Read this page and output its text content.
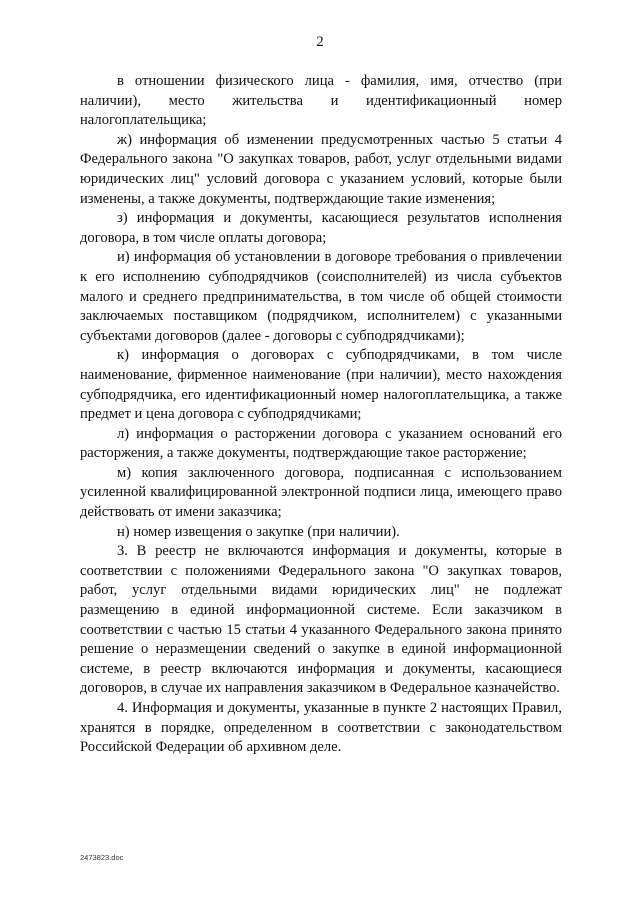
2

в отношении физического лица - фамилия, имя, отчество (при наличии), место жительства и идентификационный номер налогоплательщика;

ж) информация об изменении предусмотренных частью 5 статьи 4 Федерального закона "О закупках товаров, работ, услуг отдельными видами юридических лиц" условий договора с указанием условий, которые были изменены, а также документы, подтверждающие такие изменения;

з) информация и документы, касающиеся результатов исполнения договора, в том числе оплаты договора;

и) информация об установлении в договоре требования о привлечении к его исполнению субподрядчиков (соисполнителей) из числа субъектов малого и среднего предпринимательства, в том числе об общей стоимости заключаемых поставщиком (подрядчиком, исполнителем) с указанными субъектами договоров (далее - договоры с субподрядчиками);

к) информация о договорах с субподрядчиками, в том числе наименование, фирменное наименование (при наличии), место нахождения субподрядчика, его идентификационный номер налогоплательщика, а также предмет и цена договора с субподрядчиками;

л) информация о расторжении договора с указанием оснований его расторжения, а также документы, подтверждающие такое расторжение;

м) копия заключенного договора, подписанная с использованием усиленной квалифицированной электронной подписи лица, имеющего право действовать от имени заказчика;

н) номер извещения о закупке (при наличии).

3. В реестр не включаются информация и документы, которые в соответствии с положениями Федерального закона "О закупках товаров, работ, услуг отдельными видами юридических лиц" не подлежат размещению в единой информационной системе. Если заказчиком в соответствии с частью 15 статьи 4 указанного Федерального закона принято решение о неразмещении сведений о закупке в единой информационной системе, в реестр включаются информация и документы, касающиеся договоров, в случае их направления заказчиком в Федеральное казначейство.

4. Информация и документы, указанные в пункте 2 настоящих Правил, хранятся в порядке, определенном в соответствии с законодательством Российской Федерации об архивном деле.

2473823.doc
